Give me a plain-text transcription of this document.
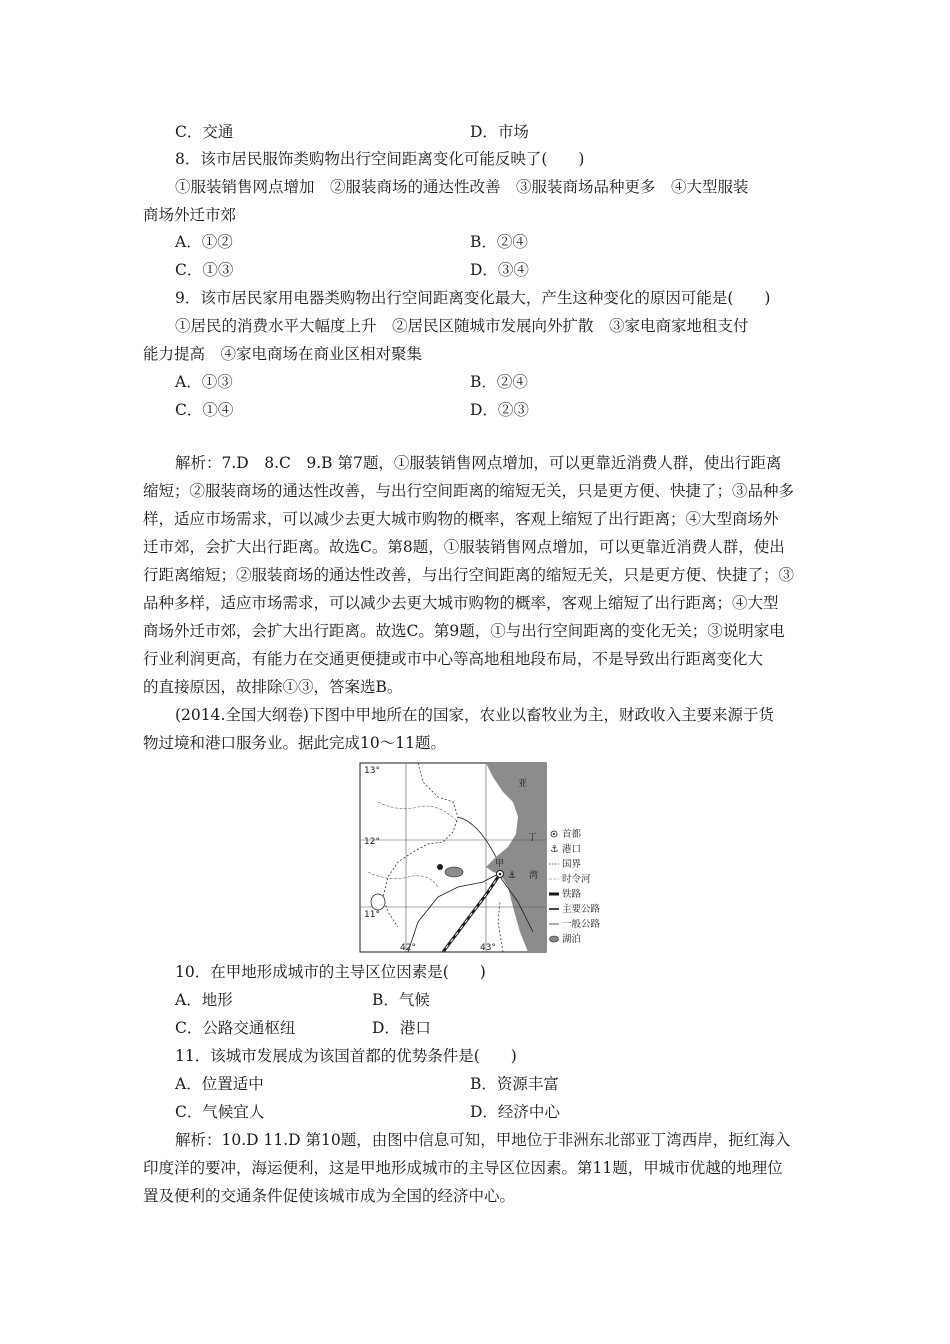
C．交通	D．市场
8．该市居民服饰类购物出行空间距离变化可能反映了(　　)
①服装销售网点增加　②服装商场的通达性改善　③服装商场品种更多　④大型服装
商场外迁市郊
A．①②	B．②④
C．①③	D．③④
9．该市居民家用电器类购物出行空间距离变化最大，产生这种变化的原因可能是(　　)
①居民的消费水平大幅度上升　②居民区随城市发展向外扩散　③家电商家地租支付
能力提高　④家电商场在商业区相对聚集
A．①③	B．②④
C．①④	D．②③
解析：7.D　8.C　9.B 第7题，①服装销售网点增加，可以更靠近消费人群，使出行距离
缩短；②服装商场的通达性改善，与出行空间距离的缩短无关，只是更方便、快捷了；③品种多
样，适应市场需求，可以减少去更大城市购物的概率，客观上缩短了出行距离；④大型商场外
迁市郊，会扩大出行距离。故选C。第8题，①服装销售网点增加，可以更靠近消费人群，使出
行距离缩短；②服装商场的通达性改善，与出行空间距离的缩短无关，只是更方便、快捷了；③
品种多样，适应市场需求，可以减少去更大城市购物的概率，客观上缩短了出行距离；④大型
商场外迁市郊，会扩大出行距离。故选C。第9题，①与出行空间距离的变化无关；③说明家电
行业利润更高，有能力在交通更便捷或市中心等高地租地段布局，不是导致出行距离变化大
的直接原因，故排除①③，答案选B。
(2014.全国大纲卷)下图中甲地所在的国家，农业以畜牧业为主，财政收入主要来源于货
物过境和港口服务业。据此完成10～11题。
⚓
13°
12°
11°
42°	43°
亚
丁
湾
甲
首都
⚓ 港口
国界
时令河
铁路
主要公路
一般公路
湖泊
10．在甲地形成城市的主导区位因素是(　　)
A．地形	B．气候
C．公路交通枢纽	D．港口
11．该城市发展成为该国首都的优势条件是(　　)
A．位置适中	B．资源丰富
C．气候宜人	D．经济中心
解析：10.D 11.D 第10题，由图中信息可知，甲地位于非洲东北部亚丁湾西岸，扼红海入
印度洋的要冲，海运便利，这是甲地形成城市的主导区位因素。第11题，甲城市优越的地理位
置及便利的交通条件促使该城市成为全国的经济中心。
